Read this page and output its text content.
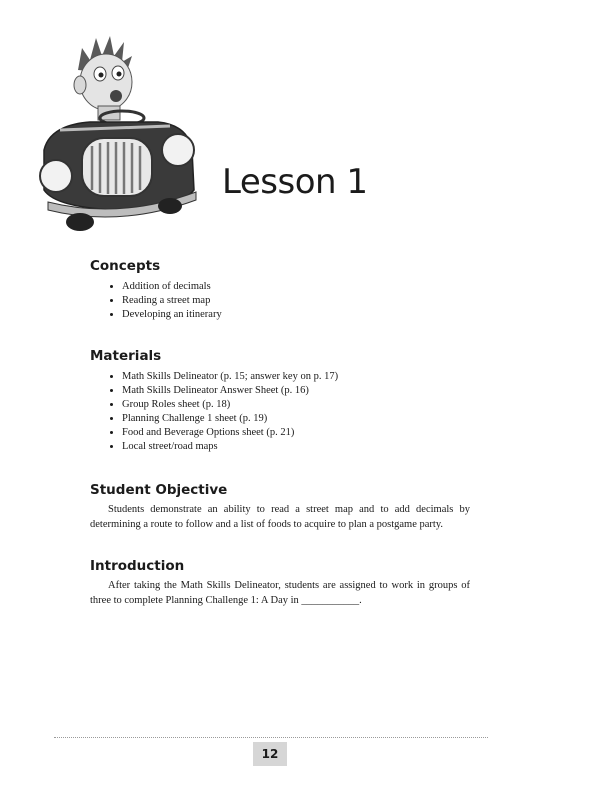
Lesson 1
Concepts
• Addition of decimals
• Reading a street map
• Developing an itinerary
Materials
• Math Skills Delineator (p. 15; answer key on p. 17)
• Math Skills Delineator Answer Sheet (p. 16)
• Group Roles sheet (p. 18)
• Planning Challenge 1 sheet (p. 19)
• Food and Beverage Options sheet (p. 21)
• Local street/road maps
Student Objective

Students demonstrate an ability to read a street map and to add decimals by determining a route to follow and a list of foods to acquire to plan a postgame party.

Introduction

After taking the Math Skills Delineator, students are assigned to work in groups of three to complete Planning Challenge 1: A Day in ___________.

12
